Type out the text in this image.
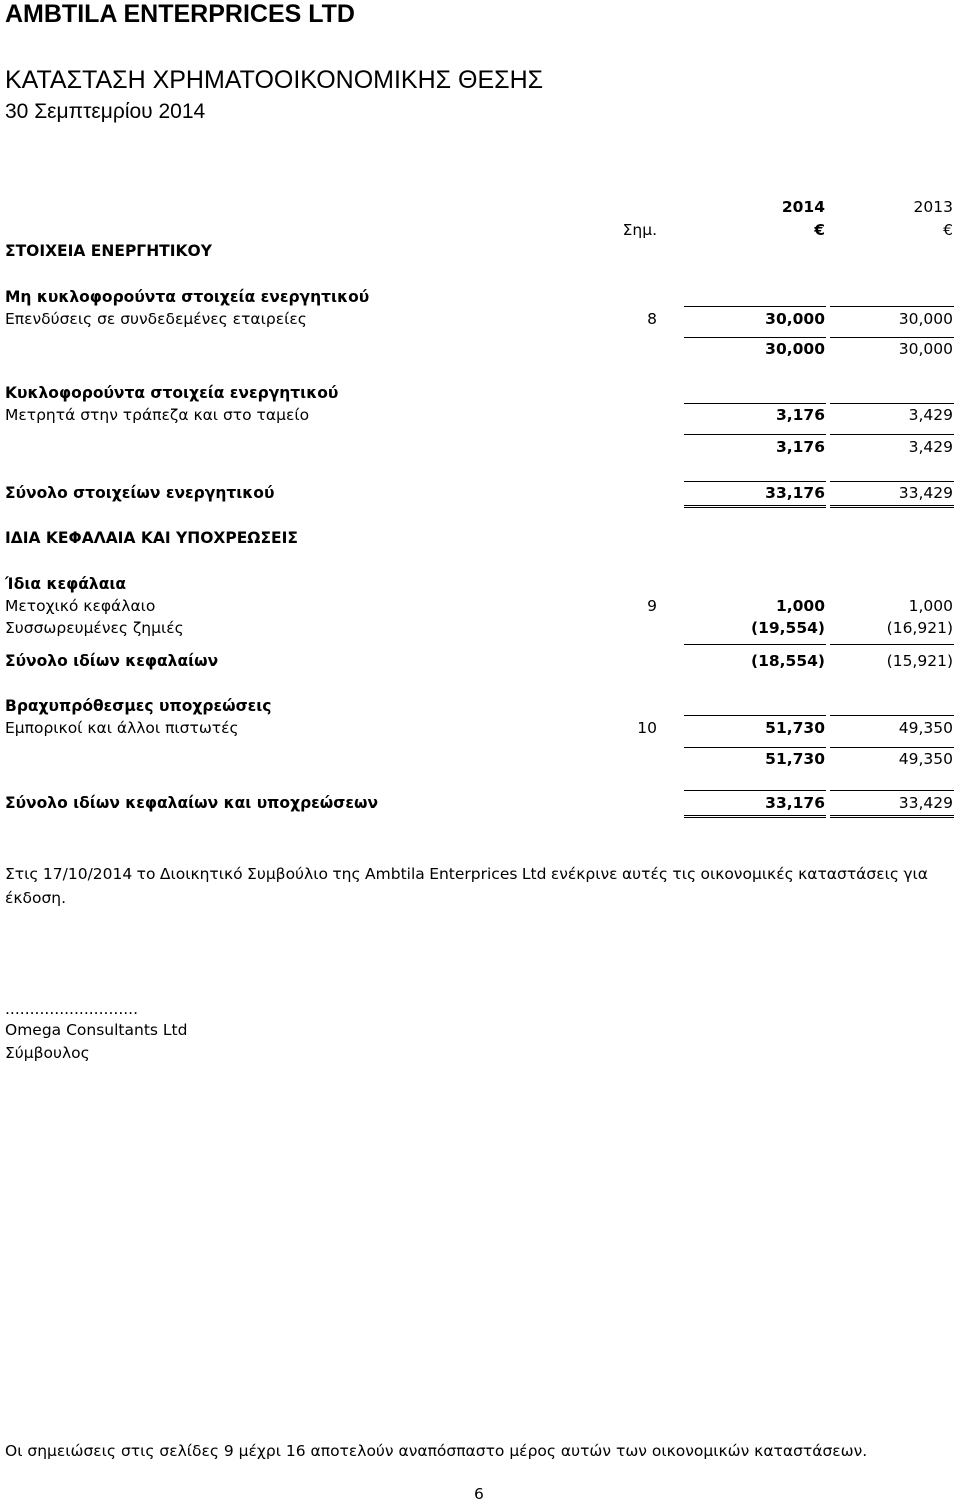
AMBTILA ENTERPRICES LTD
ΚΑΤΑΣΤΑΣΗ ΧΡΗΜΑΤΟΟΙΚΟΝΟΜΙΚΗΣ ΘΕΣΗΣ
30 Σεμπτεμρίου 2014
2014	2013
Σημ.	€	€
ΣΤΟΙΧΕΙΑ ΕΝΕΡΓΗΤΙΚΟΥ
Μη κυκλοφορούντα στοιχεία ενεργητικού
Επενδύσεις σε συνδεδεμένες εταιρείες	8	30,000	30,000
30,000	30,000
Κυκλοφορούντα στοιχεία ενεργητικού
Μετρητά στην τράπεζα και στο ταμείο	3,176	3,429
3,176	3,429
Σύνολο στοιχείων ενεργητικού	33,176	33,429
ΙΔΙΑ ΚΕΦΑΛΑΙΑ ΚΑΙ ΥΠΟΧΡΕΩΣΕΙΣ
Ίδια κεφάλαια
Μετοχικό κεφάλαιο	9	1,000	1,000
Συσσωρευμένες ζημιές	(19,554)	(16,921)
Σύνολο ιδίων κεφαλαίων	(18,554)	(15,921)
Βραχυπρόθεσμες υποχρεώσεις
Εμπορικοί και άλλοι πιστωτές	10	51,730	49,350
51,730	49,350
Σύνολο ιδίων κεφαλαίων και υποχρεώσεων	33,176	33,429
Στις 17/10/2014 το Διοικητικό Συμβούλιο της Ambtila Enterprices Ltd ενέκρινε αυτές τις οικονομικές καταστάσεις για έκδοση.
...........................
Omega Consultants Ltd
Σύμβουλος
Οι σημειώσεις στις σελίδες 9 μέχρι 16 αποτελούν αναπόσπαστο μέρος αυτών των οικονομικών καταστάσεων.
6
